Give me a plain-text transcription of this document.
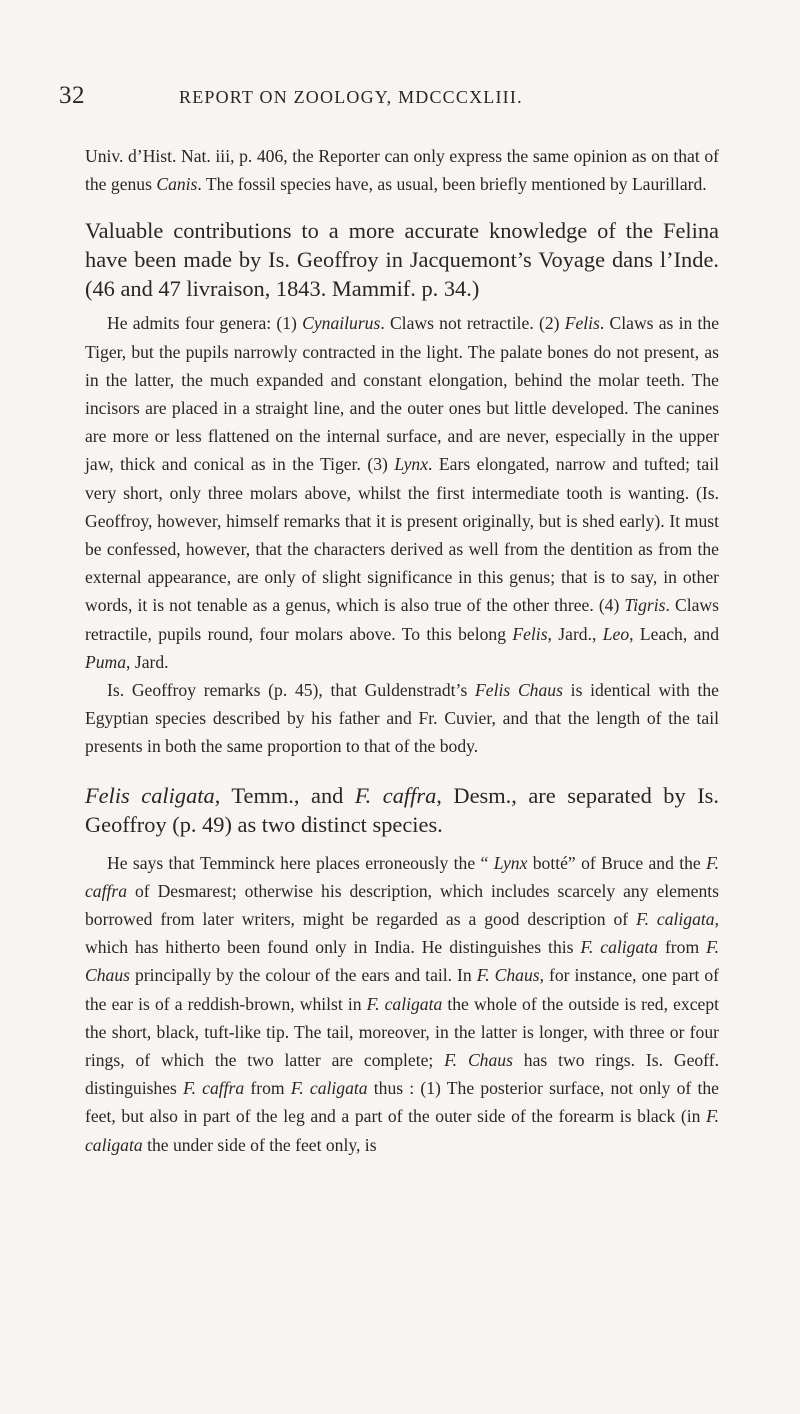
32	REPORT ON ZOOLOGY, MDCCCXLIII.

Univ. d’Hist. Nat. iii, p. 406, the Reporter can only express the same opinion as on that of the genus Canis. The fossil species have, as usual, been briefly mentioned by Laurillard.

Valuable contributions to a more accurate knowledge of the Felina have been made by Is. Geoffroy in Jacquemont’s Voyage dans l’Inde. (46 and 47 livraison, 1843. Mammif. p. 34.)

He admits four genera: (1) Cynailurus. Claws not retractile. (2) Felis. Claws as in the Tiger, but the pupils narrowly contracted in the light. The palate bones do not present, as in the latter, the much expanded and constant elongation, behind the molar teeth. The incisors are placed in a straight line, and the outer ones but little developed. The canines are more or less flattened on the internal surface, and are never, especially in the upper jaw, thick and conical as in the Tiger. (3) Lynx. Ears elongated, narrow and tufted; tail very short, only three molars above, whilst the first intermediate tooth is wanting. (Is. Geoffroy, however, himself remarks that it is present originally, but is shed early). It must be confessed, however, that the characters derived as well from the dentition as from the external appearance, are only of slight significance in this genus; that is to say, in other words, it is not tenable as a genus, which is also true of the other three. (4) Tigris. Claws retractile, pupils round, four molars above. To this belong Felis, Jard., Leo, Leach, and Puma, Jard.

Is. Geoffroy remarks (p. 45), that Guldenstradt’s Felis Chaus is identical with the Egyptian species described by his father and Fr. Cuvier, and that the length of the tail presents in both the same proportion to that of the body.

Felis caligata, Temm., and F. caffra, Desm., are separated by Is. Geoffroy (p. 49) as two distinct species.

He says that Temminck here places erroneously the “ Lynx botté” of Bruce and the F. caffra of Desmarest; otherwise his description, which includes scarcely any elements borrowed from later writers, might be regarded as a good description of F. caligata, which has hitherto been found only in India. He distinguishes this F. caligata from F. Chaus principally by the colour of the ears and tail. In F. Chaus, for instance, one part of the ear is of a reddish-brown, whilst in F. caligata the whole of the outside is red, except the short, black, tuft-like tip. The tail, moreover, in the latter is longer, with three or four rings, of which the two latter are complete; F. Chaus has two rings. Is. Geoff. distinguishes F. caffra from F. caligata thus : (1) The posterior surface, not only of the feet, but also in part of the leg and a part of the outer side of the forearm is black (in F. caligata the under side of the feet only, is
